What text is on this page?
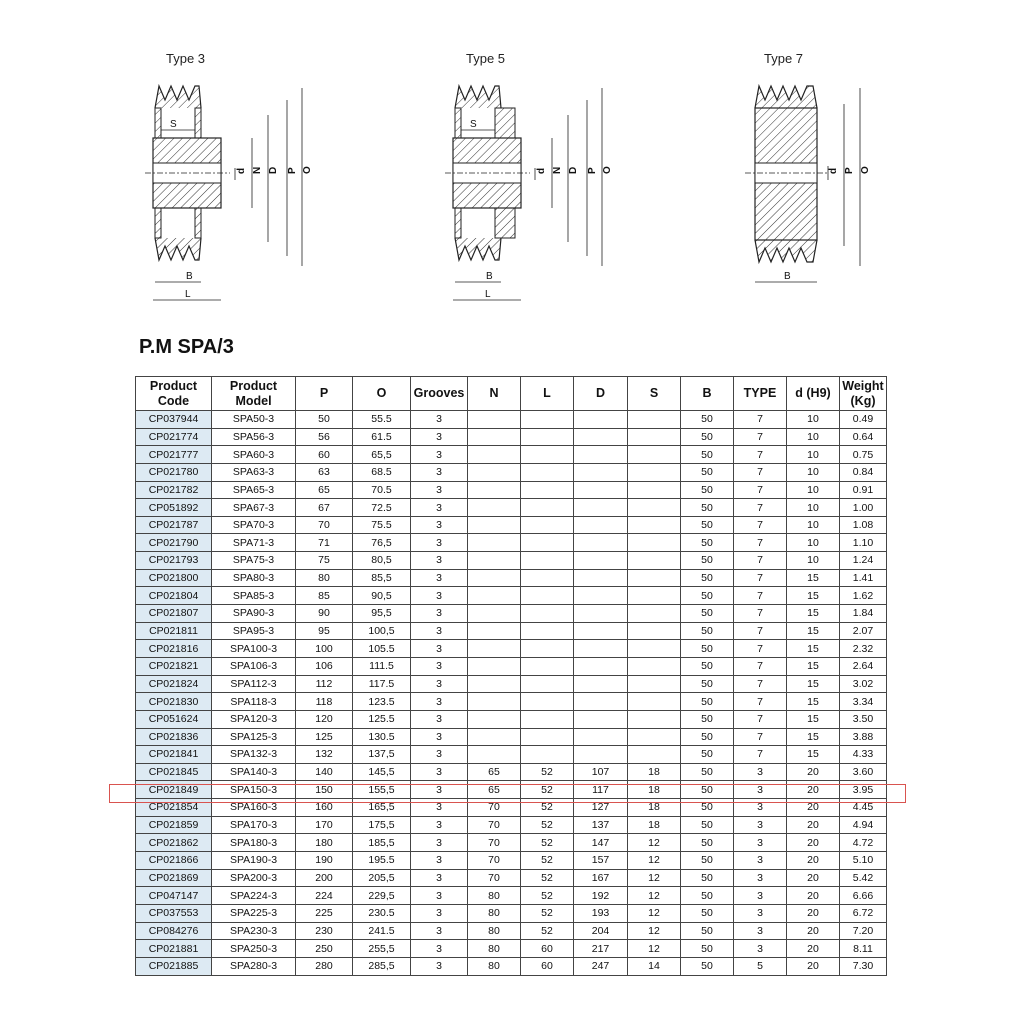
Type 3
S
d N D P O
B
L
Type 5
S
d N D P O
B
L
Type 7
d P O
B
P.M SPA/3
Product
Code	Product
Model	P	O	Grooves	N	L	D	S	B	TYPE	d (H9)	Weight
(Kg)
CP037944	SPA50-3	50	55.5	3					50	7	10	0.49
CP021774	SPA56-3	56	61.5	3					50	7	10	0.64
CP021777	SPA60-3	60	65,5	3					50	7	10	0.75
CP021780	SPA63-3	63	68.5	3					50	7	10	0.84
CP021782	SPA65-3	65	70.5	3					50	7	10	0.91
CP051892	SPA67-3	67	72.5	3					50	7	10	1.00
CP021787	SPA70-3	70	75.5	3					50	7	10	1.08
CP021790	SPA71-3	71	76,5	3					50	7	10	1.10
CP021793	SPA75-3	75	80,5	3					50	7	10	1.24
CP021800	SPA80-3	80	85,5	3					50	7	15	1.41
CP021804	SPA85-3	85	90,5	3					50	7	15	1.62
CP021807	SPA90-3	90	95,5	3					50	7	15	1.84
CP021811	SPA95-3	95	100,5	3					50	7	15	2.07
CP021816	SPA100-3	100	105.5	3					50	7	15	2.32
CP021821	SPA106-3	106	111.5	3					50	7	15	2.64
CP021824	SPA112-3	112	117.5	3					50	7	15	3.02
CP021830	SPA118-3	118	123.5	3					50	7	15	3.34
CP051624	SPA120-3	120	125.5	3					50	7	15	3.50
CP021836	SPA125-3	125	130.5	3					50	7	15	3.88
CP021841	SPA132-3	132	137,5	3					50	7	15	4.33
CP021845	SPA140-3	140	145,5	3	65	52	107	18	50	3	20	3.60
CP021849	SPA150-3	150	155,5	3	65	52	117	18	50	3	20	3.95
CP021854	SPA160-3	160	165,5	3	70	52	127	18	50	3	20	4.45
CP021859	SPA170-3	170	175,5	3	70	52	137	18	50	3	20	4.94
CP021862	SPA180-3	180	185,5	3	70	52	147	12	50	3	20	4.72
CP021866	SPA190-3	190	195.5	3	70	52	157	12	50	3	20	5.10
CP021869	SPA200-3	200	205,5	3	70	52	167	12	50	3	20	5.42
CP047147	SPA224-3	224	229,5	3	80	52	192	12	50	3	20	6.66
CP037553	SPA225-3	225	230.5	3	80	52	193	12	50	3	20	6.72
CP084276	SPA230-3	230	241.5	3	80	52	204	12	50	3	20	7.20
CP021881	SPA250-3	250	255,5	3	80	60	217	12	50	3	20	8.11
CP021885	SPA280-3	280	285,5	3	80	60	247	14	50	5	20	7.30
